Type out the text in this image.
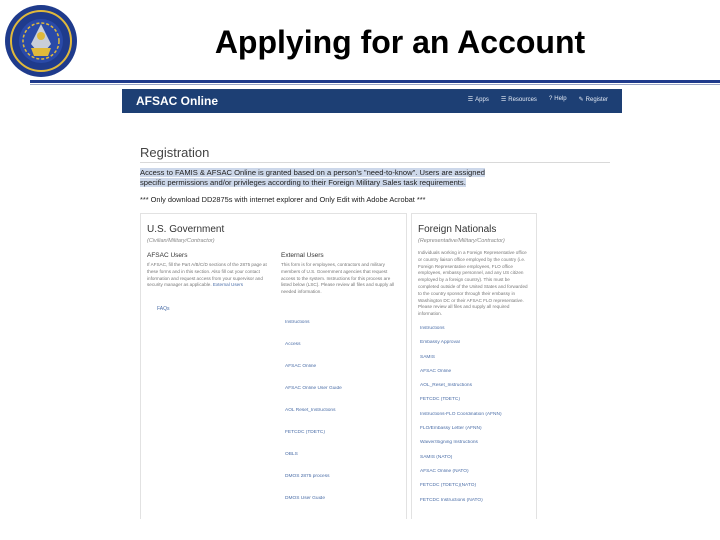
Applying for an Account
AFSAC Online	☰ Apps ☰ Resources ? Help ✎ Register
Registration
Access to FAMIS & AFSAC Online is granted based on a person's "need-to-know". Users are assigned specific permissions and/or privileges according to their Foreign Military Sales task requirements.
*** Only download DD2875s with internet explorer and Only Edit with Adobe Acrobat ***
U.S. Government
(Civilian/Military/Contractor)
AFSAC Users
If AFSAC, fill the Part A/B/C/D sections of the 2875 page at these forms and in this section. Also fill out your contact information and request access from your supervisor and security manager as applicable. External Users
FAQs
External Users
This form is for employees, contractors and military members of U.S. Government agencies that request access to the system. Instructions for this process are listed below (LSC). Please review all files and supply all needed information.
Instructions
Access
AFSAC Online
AFSAC Online User Guide
AOL Reset_Instructions
FETCDC (TDETC)
OBLS
DMOS 2875 process
DMOS User Guide
Foreign Nationals
(Representative/Military/Contractor)
Individuals working in a Foreign Representative office or country liaison office employed by the country (i.e. Foreign Representative employees, FLO office employees, embassy personnel, and any US citizen employed by a foreign country). This must be completed outside of the United States and forwarded to the country sponsor through their embassy in Washington DC or their AFSAC FLO representative. Please review all files and supply all required information.
Instructions
Embassy Approval
SAMIS
AFSAC Online
AOL_Reset_Instructions
FETCDC (TDETC)
Instructions-FLO Coordination (AFNN)
FLO/Embassy Letter (AFNN)
Waiver/Signing Instructions
SAMIS (NATO)
AFSAC Online (NATO)
FETCDC (TDETC)(NATO)
FETCDC Instructions (NATO)
